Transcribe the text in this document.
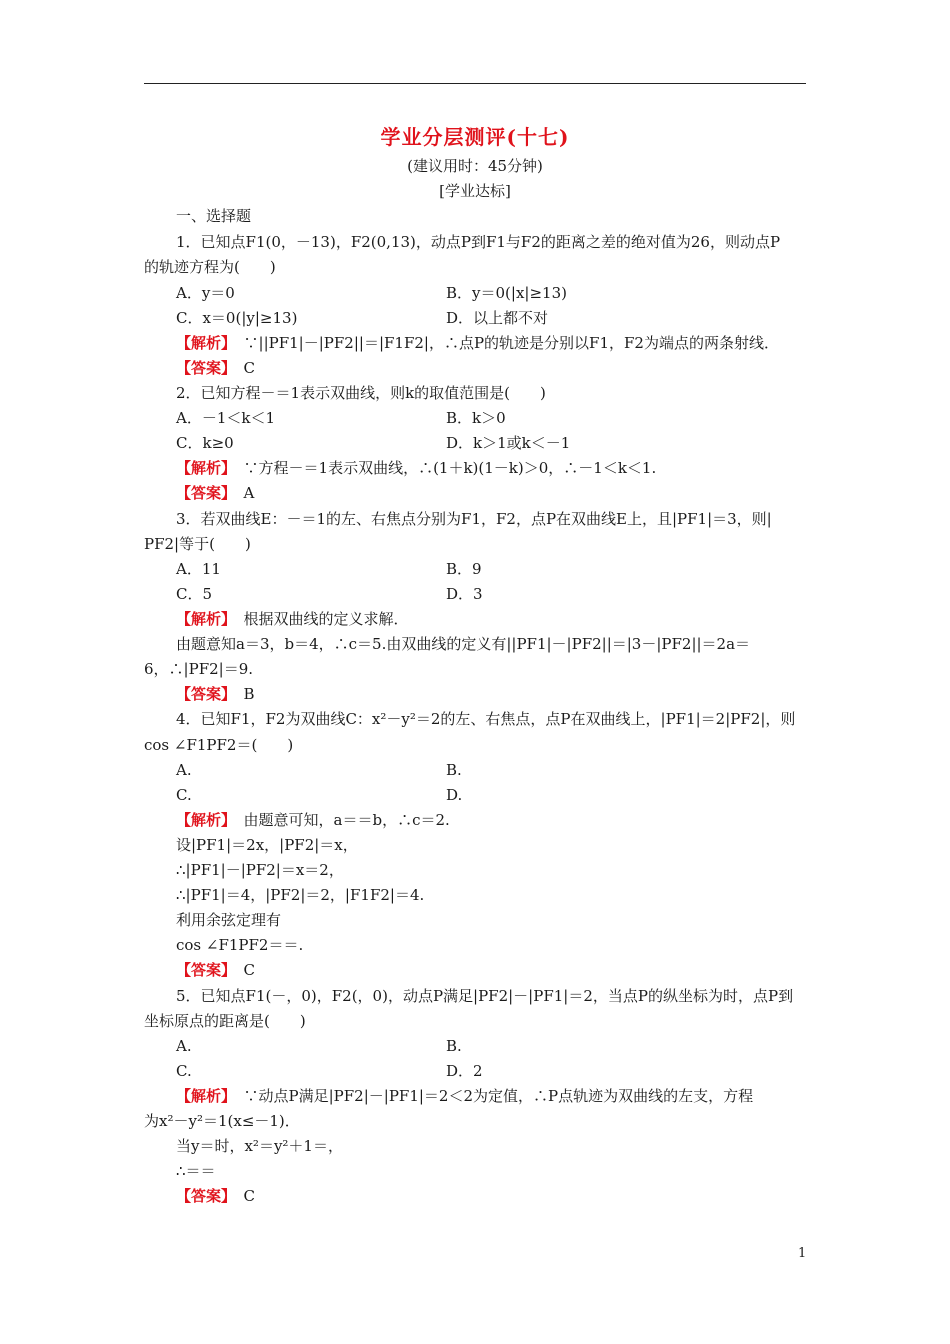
学业分层测评(十七)
(建议用时：45分钟)
[学业达标]
一、选择题
1．已知点F1(0，－13)，F2(0,13)，动点P到F1与F2的距离之差的绝对值为26，则动点P
的轨迹方程为(　　)
A．y＝0	B．y＝0(|x|≥13)
C．x＝0(|y|≥13)	D．以上都不对
【解析】　 ∵||PF1|－|PF2||＝|F1F2|，∴点P的轨迹是分别以F1，F2为端点的两条射线．
【答案】　 C
2．已知方程－＝1表示双曲线，则k的取值范围是(　　)
A．－1＜k＜1	B．k＞0
C．k≥0	D．k＞1或k＜－1
【解析】　 ∵方程－＝1表示双曲线，∴(1＋k)(1－k)＞0，∴－1＜k＜1.
【答案】　 A
3．若双曲线E：－＝1的左、右焦点分别为F1，F2，点P在双曲线E上，且|PF1|＝3，则|
PF2|等于(　　)
A．11	B．9
C．5	D．3
【解析】　 根据双曲线的定义求解．
由题意知a＝3，b＝4，∴c＝5.由双曲线的定义有||PF1|－|PF2||＝|3－|PF2||＝2a＝
6，∴|PF2|＝9.
【答案】　 B
4．已知F1，F2为双曲线C：x²－y²＝2的左、右焦点，点P在双曲线上，|PF1|＝2|PF2|，则
cos ∠F1PF2＝(　　)
A.	B.
C.	D.
【解析】　 由题意可知，a＝＝b，∴c＝2.
设|PF1|＝2x，|PF2|＝x，
∴|PF1|－|PF2|＝x＝2，
∴|PF1|＝4，|PF2|＝2，|F1F2|＝4.
利用余弦定理有
cos ∠F1PF2＝＝.
【答案】　 C
5．已知点F1(－，0)，F2(，0)，动点P满足|PF2|－|PF1|＝2，当点P的纵坐标为时，点P到
坐标原点的距离是(　　)
A.	B.
C.	D．2
【解析】　 ∵动点P满足|PF2|－|PF1|＝2＜2为定值，∴P点轨迹为双曲线的左支，方程
为x²－y²＝1(x≤－1)．
当y＝时，x²＝y²＋1＝，
∴＝＝
【答案】　 C
1
